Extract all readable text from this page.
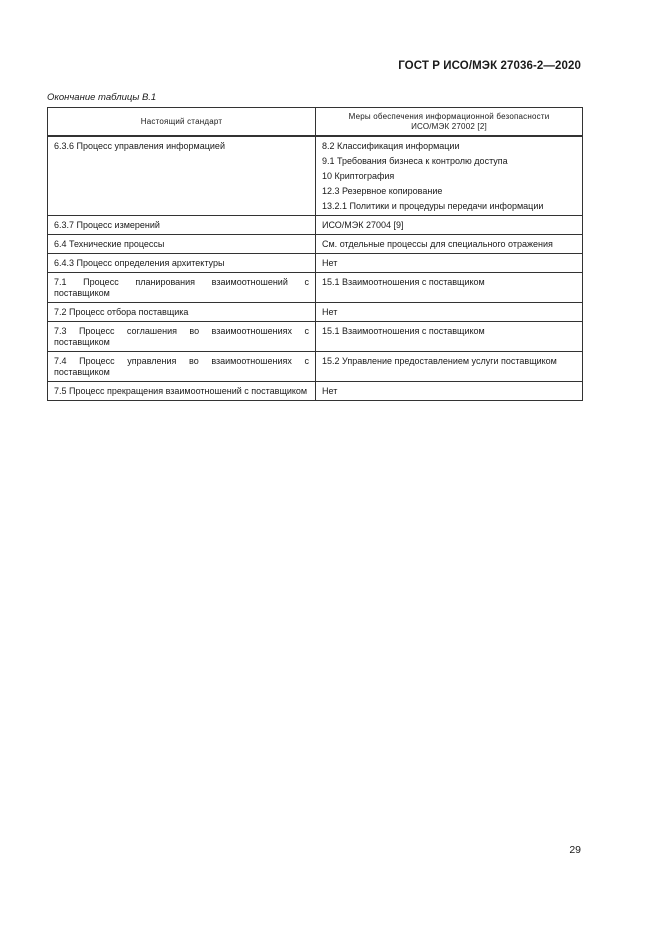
ГОСТ Р ИСО/МЭК 27036-2—2020
Окончание таблицы В.1
Настоящий стандарт	Меры обеспечения информационной безопасности
ИСО/МЭК 27002 [2]

6.3.6 Процесс управления информацией	8.2 Классификация информации
9.1 Требования бизнеса к контролю доступа
10 Криптография
12.3 Резервное копирование
13.2.1 Политики и процедуры передачи информации

6.3.7 Процесс измерений	ИСО/МЭК 27004 [9]

6.4 Технические процессы	См. отдельные процессы для специального отражения

6.4.3 Процесс определения архитектуры	Нет

7.1 Процесс планирования взаимоотношений с поставщиком	15.1 Взаимоотношения с поставщиком

7.2 Процесс отбора поставщика	Нет

7.3 Процесс соглашения во взаимоотношениях с поставщиком	15.1 Взаимоотношения с поставщиком

7.4 Процесс управления во взаимоотношениях с поставщиком	15.2 Управление предоставлением услуги поставщиком

7.5 Процесс прекращения взаимоотношений с поставщиком	Нет
29
